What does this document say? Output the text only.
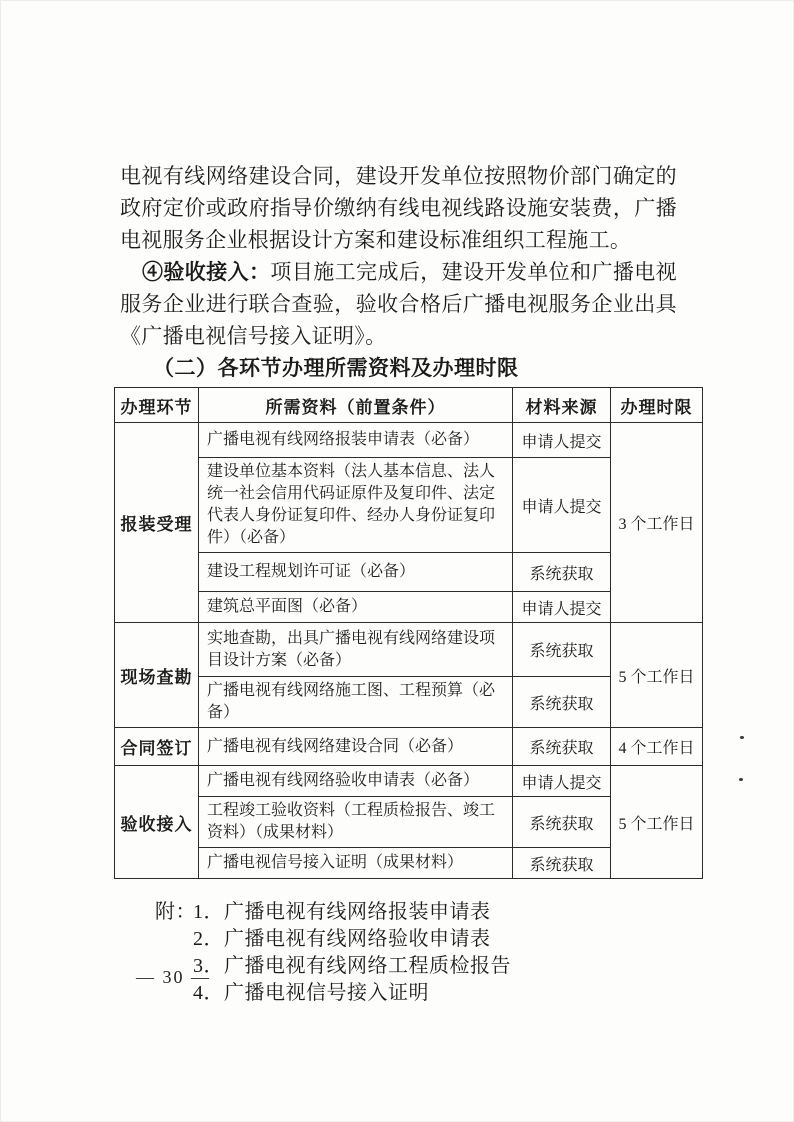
电视有线网络建设合同，建设开发单位按照物价部门确定的政府定价或政府指导价缴纳有线电视线路设施安装费，广播电视服务企业根据设计方案和建设标准组织工程施工。

④验收接入：项目施工完成后，建设开发单位和广播电视服务企业进行联合查验，验收合格后广播电视服务企业出具《广播电视信号接入证明》。

（二）各环节办理所需资料及办理时限
办理环节	所需资料（前置条件）	材料来源	办理时限
报装受理	广播电视有线网络报装申请表（必备）	申请人提交	3 个工作日
	建设单位基本资料（法人基本信息、法人统一社会信用代码证原件及复印件、法定代表人身份证复印件、经办人身份证复印件）（必备）	申请人提交	
	建设工程规划许可证（必备）	系统获取	
	建筑总平面图（必备）	申请人提交	
现场查勘	实地查勘，出具广播电视有线网络建设项目设计方案（必备）	系统获取	5 个工作日
	广播电视有线网络施工图、工程预算（必备）	系统获取	
合同签订	广播电视有线网络建设合同（必备）	系统获取	4 个工作日
验收接入	广播电视有线网络验收申请表（必备）	申请人提交	5 个工作日
	工程竣工验收资料（工程质检报告、竣工资料）（成果材料）	系统获取	
	广播电视信号接入证明（成果材料）	系统获取	
附：
1．广播电视有线网络报装申请表
2．广播电视有线网络验收申请表
3．广播电视有线网络工程质检报告
4．广播电视信号接入证明
— 30 —
